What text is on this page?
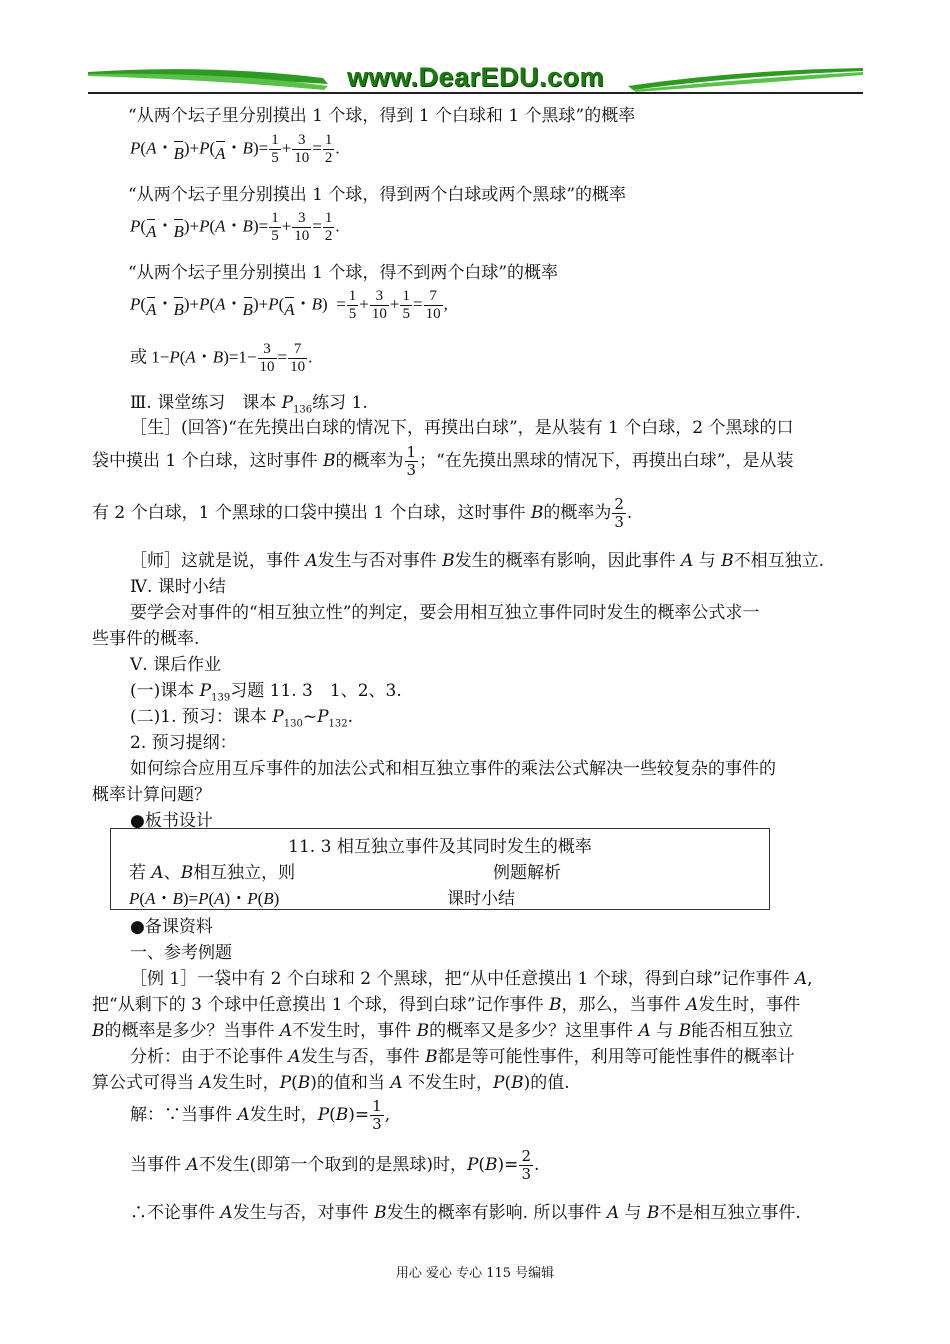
www.DearEDU.com
“从两个坛子里分别摸出 1 个球，得到 1 个白球和 1 个黑球”的概率
P(A・B)+P(A・$B)= \frac{1}{5} + \frac{3}{10} = \frac{1}{2}$ .
“从两个坛子里分别摸出 1 个球，得到两个白球或两个黑球”的概率
P(A・B)+P(A・$B)= \frac{1}{5} + \frac{3}{10} = \frac{1}{2}$ .
“从两个坛子里分别摸出 1 个球，得不到两个白球”的概率
P(A・B)+P(A・B)+P(A・$B) = \frac{1}{5} + \frac{3}{10} + \frac{1}{5} = \frac{7}{10}$ ,
或 1−P(A・$B)=1- \frac{3}{10} = \frac{7}{10}$ .
Ⅲ. 课堂练习　课本 $P_{136}$练习 1.
［生］(回答)“在先摸出白球的情况下，再摸出白球”，是从装有 1 个白球，2 个黑球的口
袋中摸出 1 个白球，这时事件 B的概率为 $\frac{1}{3}$ ；“在先摸出黑球的情况下，再摸出白球”，是从装
有 2 个白球，1 个黑球的口袋中摸出 1 个白球，这时事件 B的概率为 $\frac{2}{3}$ .
［师］这就是说，事件 A发生与否对事件 B发生的概率有影响，因此事件 A 与 B不相互独立.
Ⅳ. 课时小结
要学会对事件的“相互独立性”的判定，要会用相互独立事件同时发生的概率公式求一
些事件的概率.
Ⅴ. 课后作业
(一)课本 $P_{139}$习题 11. 3　1、2、3.
(二)1. 预习：课本 $P_{130}\sim P_{132}$.
2. 预习提纲：
如何综合应用互斥事件的加法公式和相互独立事件的乘法公式解决一些较复杂的事件的
概率计算问题？
●板书设计
11. 3 相互独立事件及其同时发生的概率
若 A、B相互独立，则	例题解析
P(A・B)=P(A)・P(B)	课时小结
●备课资料
一、参考例题
［例 1］一袋中有 2 个白球和 2 个黑球，把“从中任意摸出 1 个球，得到白球”记作事件 A,
把“从剩下的 3 个球中任意摸出 1 个球，得到白球”记作事件 B，那么，当事件 A发生时，事件
B的概率是多少？当事件 A不发生时，事件 B的概率又是多少？这里事件 A 与 B能否相互独立
分析：由于不论事件 A发生与否，事件 B都是等可能性事件，利用等可能性事件的概率计
算公式可得当 A发生时，P(B)的值和当 A 不发生时，P(B)的值.
解：∵当事件 A发生时，$P(B)= \frac{1}{3}$ ,
当事件 A不发生(即第一个取到的是黑球)时，$P(B)= \frac{2}{3}$ .
∴不论事件 A发生与否，对事件 B发生的概率有影响. 所以事件 A 与 B不是相互独立事件.
用心 爱心 专心 115 号编辑
